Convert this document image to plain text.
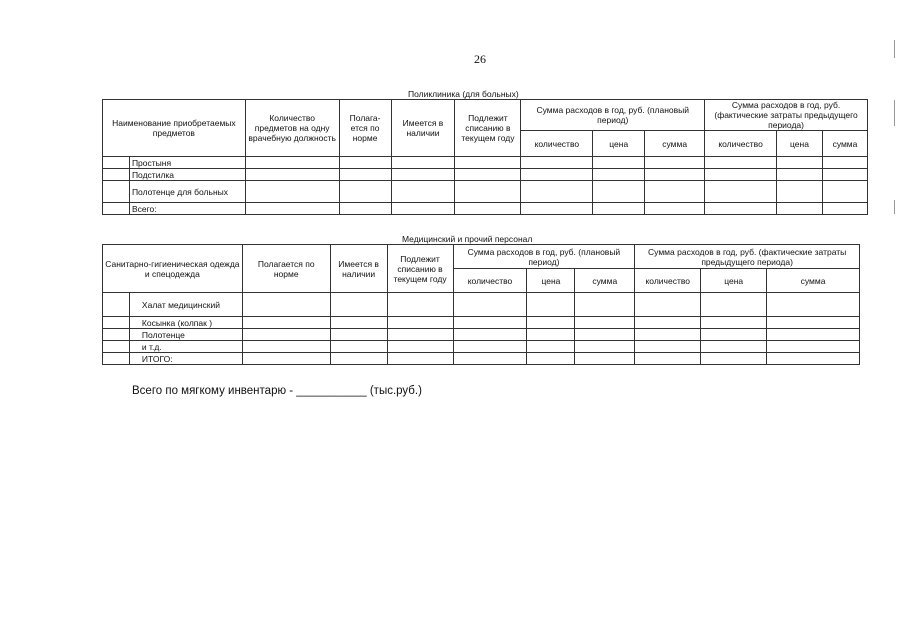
26
Поликлиника (для больных)
Наименование приобретаемых предметов		Количество предметов на одну врачебную должность	Полага-ется по норме	Имеется в наличии	Подлежит списанию в текущем году	Сумма расходов в год, руб. (плановый период)			Сумма расходов в год, руб. (фактические затраты предыдущего периода)		
						количество	цена	сумма	количество	цена	сумма
	Простыня										
	Подстилка										
	Полотенце для больных										
	Всего:										
Медицинский и прочий персонал
Санитарно-гигиеническая одежда и спецодежда		Полагается по норме	Имеется в наличии	Подлежит списанию в текущем году	Сумма расходов в год, руб. (плановый период)			Сумма расходов в год, руб. (фактические затраты предыдущего периода)		
					количество	цена	сумма	количество	цена	сумма
	Халат медицинский									
	Косынка (колпак )									
	Полотенце									
	и т.д.									
	ИТОГО:									
Всего по мягкому инвентарю - ___________ (тыс.руб.)
